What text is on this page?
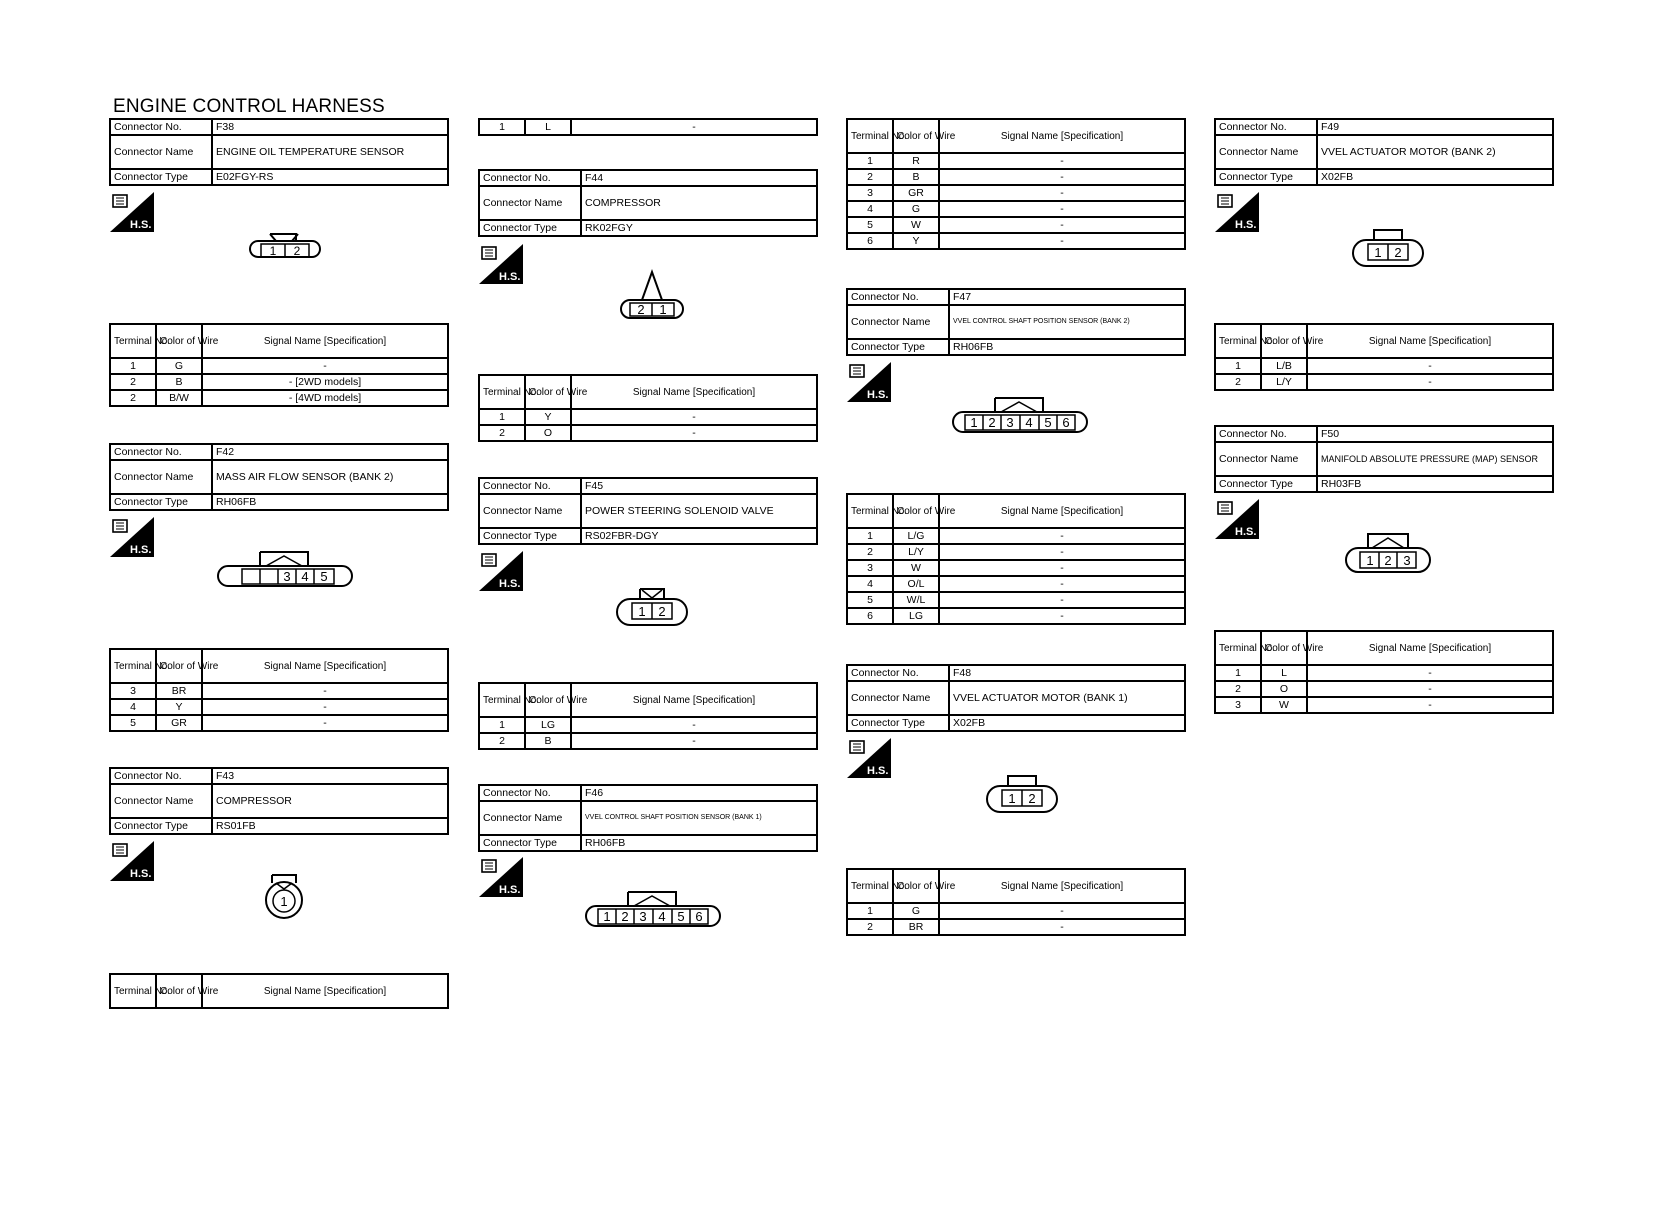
ENGINE CONTROL HARNESS
Connector No.	F38
Connector Name	ENGINE OIL TEMPERATURE SENSOR
Connector Type	E02FGY-RS
H.S.
1 2
Terminal No.	Color of Wire	Signal Name [Specification]
1	G	-
2	B	- [2WD models]
2	B/W	- [4WD models]
Connector No.	F42
Connector Name	MASS AIR FLOW SENSOR (BANK 2)
Connector Type	RH06FB
H.S.
3 4 5
Terminal No.	Color of Wire	Signal Name [Specification]
3	BR	-
4	Y	-
5	GR	-
Connector No.	F43
Connector Name	COMPRESSOR
Connector Type	RS01FB
H.S.
1
Terminal No.	Color of Wire	Signal Name [Specification]
1	L	-
Connector No.	F44
Connector Name	COMPRESSOR
Connector Type	RK02FGY
H.S.
2 1
Terminal No.	Color of Wire	Signal Name [Specification]
1	Y	-
2	O	-
Connector No.	F45
Connector Name	POWER STEERING SOLENOID VALVE
Connector Type	RS02FBR-DGY
H.S.
1 2
Terminal No.	Color of Wire	Signal Name [Specification]
1	LG	-
2	B	-
Connector No.	F46
Connector Name	VVEL CONTROL SHAFT POSITION SENSOR (BANK 1)
Connector Type	RH06FB
H.S.
1 2 3 4 5 6
Terminal No.	Color of Wire	Signal Name [Specification]
1	R	-
2	B	-
3	GR	-
4	G	-
5	W	-
6	Y	-
Connector No.	F47
Connector Name	VVEL CONTROL SHAFT POSITION SENSOR (BANK 2)
Connector Type	RH06FB
H.S.
1 2 3 4 5 6
Terminal No.	Color of Wire	Signal Name [Specification]
1	L/G	-
2	L/Y	-
3	W	-
4	O/L	-
5	W/L	-
6	LG	-
Connector No.	F48
Connector Name	VVEL ACTUATOR MOTOR (BANK 1)
Connector Type	X02FB
H.S.
1 2
Terminal No.	Color of Wire	Signal Name [Specification]
1	G	-
2	BR	-
Connector No.	F49
Connector Name	VVEL ACTUATOR MOTOR (BANK 2)
Connector Type	X02FB
H.S.
1 2
Terminal No.	Color of Wire	Signal Name [Specification]
1	L/B	-
2	L/Y	-
Connector No.	F50
Connector Name	MANIFOLD ABSOLUTE PRESSURE (MAP) SENSOR
Connector Type	RH03FB
H.S.
1 2 3
Terminal No.	Color of Wire	Signal Name [Specification]
1	L	-
2	O	-
3	W	-
